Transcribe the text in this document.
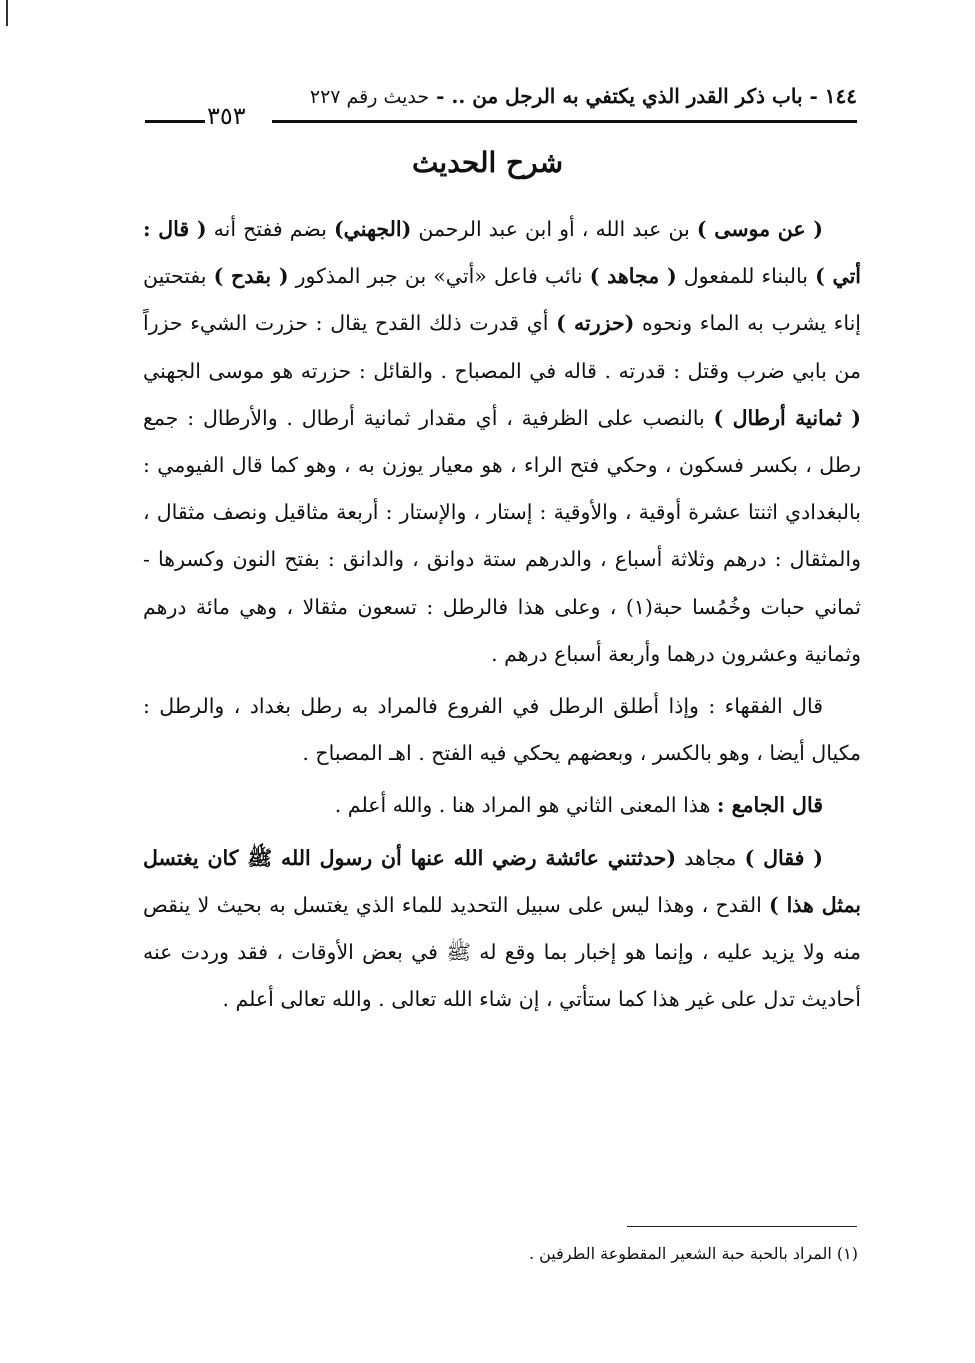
١٤٤ - باب ذكر القدر الذي يكتفي به الرجل من .. - حديث رقم ٢٢٧
٣٥٣
شرح الحديث

( عن موسى ) بن عبد الله ، أو ابن عبد الرحمن (الجهني) بضم ففتح أنه ( قال : أتي ) بالبناء للمفعول ( مجاهد ) نائب فاعل «أتي» بن جبر المذكور ( بقدح ) بفتحتين إناء يشرب به الماء ونحوه (حزرته ) أي قدرت ذلك القدح يقال : حزرت الشيء حزراً من بابي ضرب وقتل : قدرته . قاله في المصباح . والقائل : حزرته هو موسى الجهني ( ثمانية أرطال ) بالنصب على الظرفية ، أي مقدار ثمانية أرطال . والأرطال : جمع رطل ، بكسر فسكون ، وحكي فتح الراء ، هو معيار يوزن به ، وهو كما قال الفيومي : بالبغدادي اثنتا عشرة أوقية ، والأوقية : إستار ، والإستار : أربعة مثاقيل ونصف مثقال ، والمثقال : درهم وثلاثة أسباع ، والدرهم ستة دوانق ، والدانق : بفتح النون وكسرها - ثماني حبات وخُمُسا حبة(١) ، وعلى هذا فالرطل : تسعون مثقالا ، وهي مائة درهم وثمانية وعشرون درهما وأربعة أسباع درهم .

قال الفقهاء : وإذا أطلق الرطل في الفروع فالمراد به رطل بغداد ، والرطل : مكيال أيضا ، وهو بالكسر ، وبعضهم يحكي فيه الفتح . اهـ المصباح .

قال الجامع : هذا المعنى الثاني هو المراد هنا . والله أعلم .

( فقال ) مجاهد (حدثتني عائشة رضي الله عنها أن رسول الله ﷺ كان يغتسل بمثل هذا ) القدح ، وهذا ليس على سبيل التحديد للماء الذي يغتسل به بحيث لا ينقص منه ولا يزيد عليه ، وإنما هو إخبار بما وقع له ﷺ في بعض الأوقات ، فقد وردت عنه أحاديث تدل على غير هذا كما ستأتي ، إن شاء الله تعالى . والله تعالى أعلم .

(١) المراد بالحبة حبة الشعير المقطوعة الطرفين .
